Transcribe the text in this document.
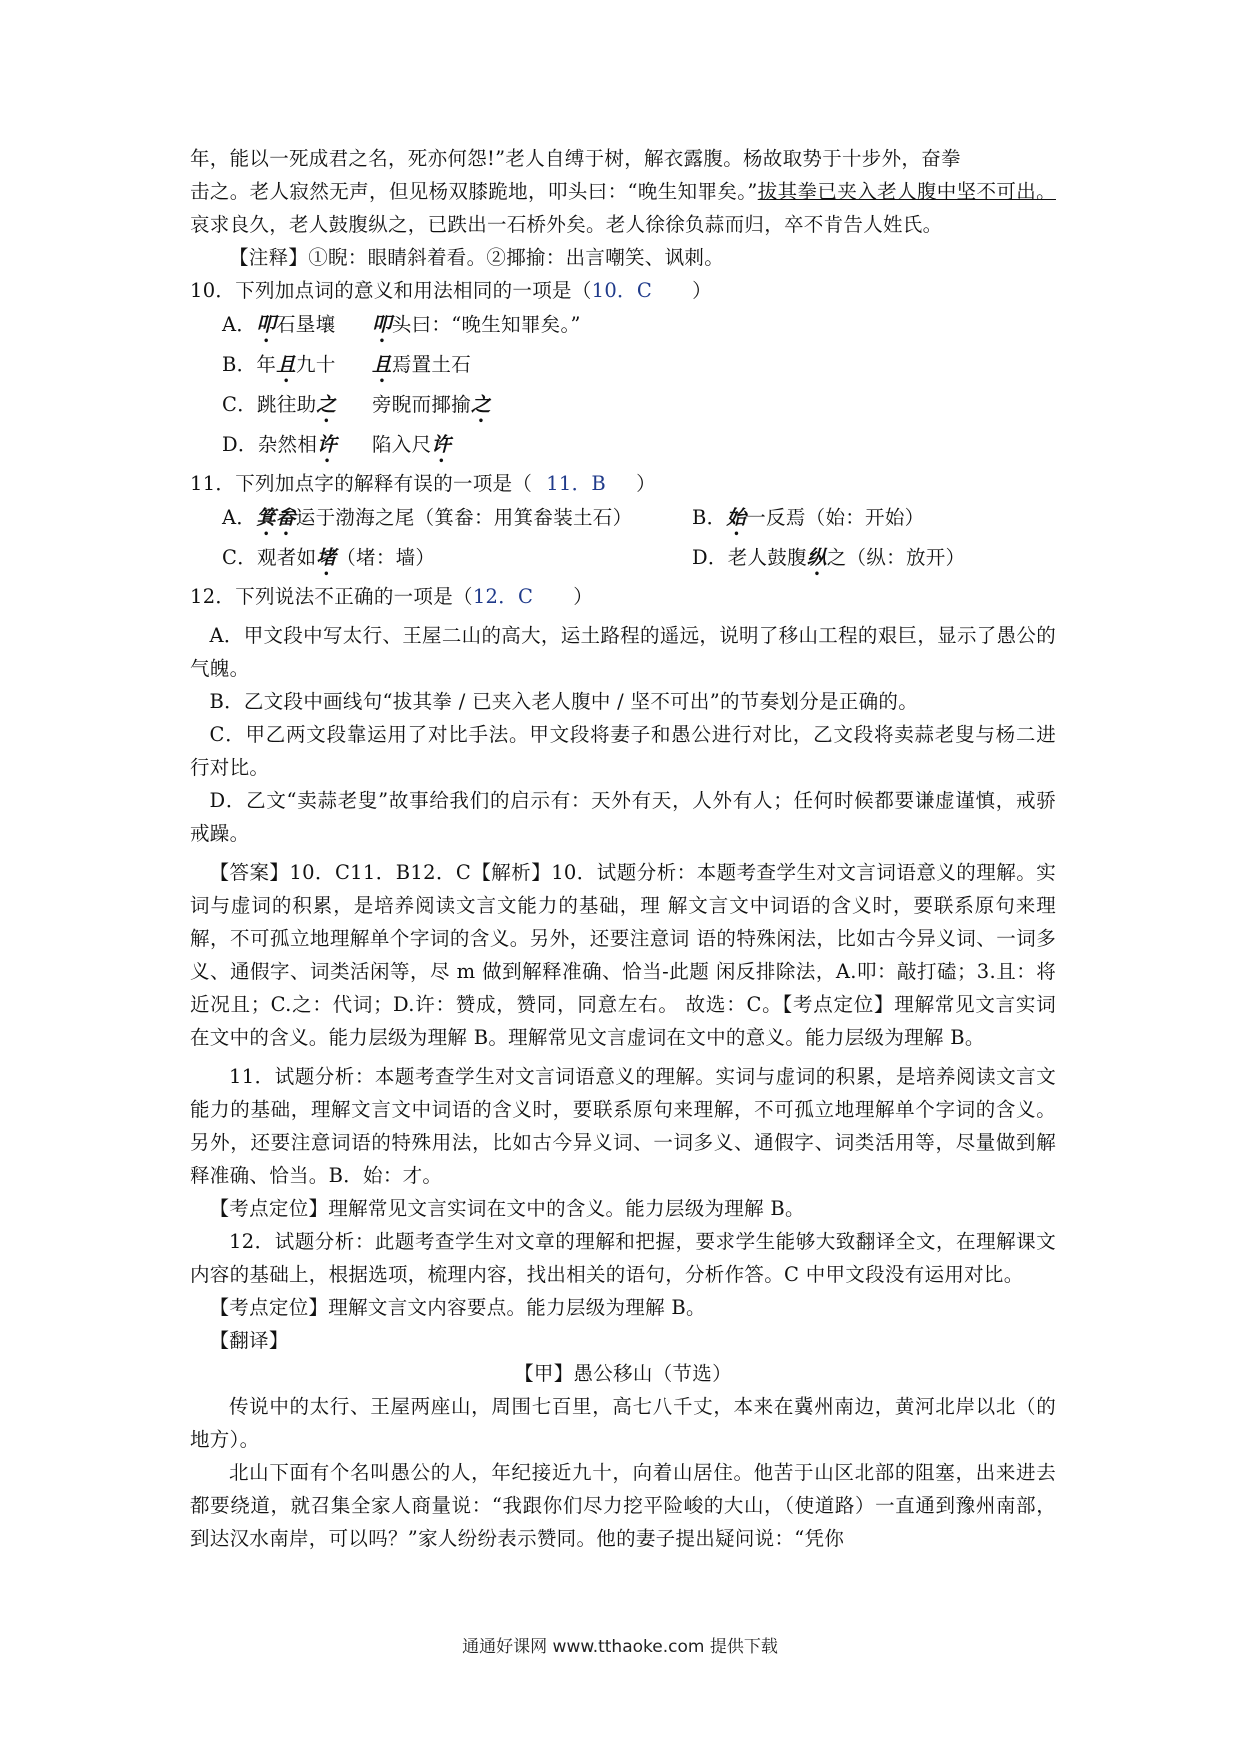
年，能以一死成君之名，死亦何怨!”老人自缚于树，解衣露腹。杨故取势于十步外，奋拳

击之。老人寂然无声，但见杨双膝跪地，叩头曰：“晚生知罪矣。”拔其拳已夹入老人腹中坚不可出。哀求良久，老人鼓腹纵之，已跌出一石桥外矣。老人徐徐负蒜而归，卒不肯告人姓氏。

【注释】①睨：眼睛斜着看。②揶揄：出言嘲笑、讽刺。

10．下列加点词的意义和用法相同的一项是（10．C ）

A．叩石垦壤 叩头曰：“晚生知罪矣。”

B．年且九十 且焉置土石

C．跳往助之 旁睨而揶揄之

D．杂然相许 陷入尺许

11．下列加点字的解释有误的一项是（ 11．B ）

A．箕畚运于渤海之尾（箕畚：用箕畚装土石）	B．始一反焉（始：开始）
C．观者如堵（堵：墙）	D．老人鼓腹纵之（纵：放开）

12．下列说法不正确的一项是（12．C ）

A．甲文段中写太行、王屋二山的高大，运土路程的遥远，说明了移山工程的艰巨，显示了愚公的气魄。

B．乙文段中画线句“拔其拳 / 已夹入老人腹中 / 坚不可出”的节奏划分是正确的。

C．甲乙两文段靠运用了对比手法。甲文段将妻子和愚公进行对比，乙文段将卖蒜老叟与杨二进行对比。

D．乙文“卖蒜老叟”故事给我们的启示有：天外有天，人外有人；任何时候都要谦虚谨慎，戒骄戒躁。

【答案】10．C11．B12．C【解析】10．试题分析：本题考查学生对文言词语意义的理解。实词与虚词的积累，是培养阅读文言文能力的基础，理 解文言文中词语的含义时，要联系原句来理解，不可孤立地理解单个字词的含义。另外，还要注意词 语的特殊闲法，比如古今异义词、一词多义、通假字、词类活闲等，尽 m 做到解释准确、恰当-此题 闲反排除法，A.叩：敲打磕；3.且：将近况且；C.之：代词；D.许：赞成，赞同，同意左右。 故选：C。【考点定位】理解常见文言实词在文中的含义。能力层级为理解 B。理解常见文言虚词在文中的意义。能力层级为理解 B。

11．试题分析：本题考查学生对文言词语意义的理解。实词与虚词的积累，是培养阅读文言文能力的基础，理解文言文中词语的含义时，要联系原句来理解，不可孤立地理解单个字词的含义。另外，还要注意词语的特殊用法，比如古今异义词、一词多义、通假字、词类活用等，尽量做到解释准确、恰当。B．始：才。

【考点定位】理解常见文言实词在文中的含义。能力层级为理解 B。

12．试题分析：此题考查学生对文章的理解和把握，要求学生能够大致翻译全文，在理解课文内容的基础上，根据选项，梳理内容，找出相关的语句，分析作答。C 中甲文段没有运用对比。

【考点定位】理解文言文内容要点。能力层级为理解 B。

【翻译】

【甲】愚公移山（节选）

传说中的太行、王屋两座山，周围七百里，高七八千丈，本来在冀州南边，黄河北岸以北（的地方）。

北山下面有个名叫愚公的人，年纪接近九十，向着山居住。他苦于山区北部的阻塞，出来进去都要绕道，就召集全家人商量说：“我跟你们尽力挖平险峻的大山，（使道路）一直通到豫州南部，到达汉水南岸，可以吗？”家人纷纷表示赞同。他的妻子提出疑问说：“凭你

通通好课网 www.tthaoke.com 提供下载
